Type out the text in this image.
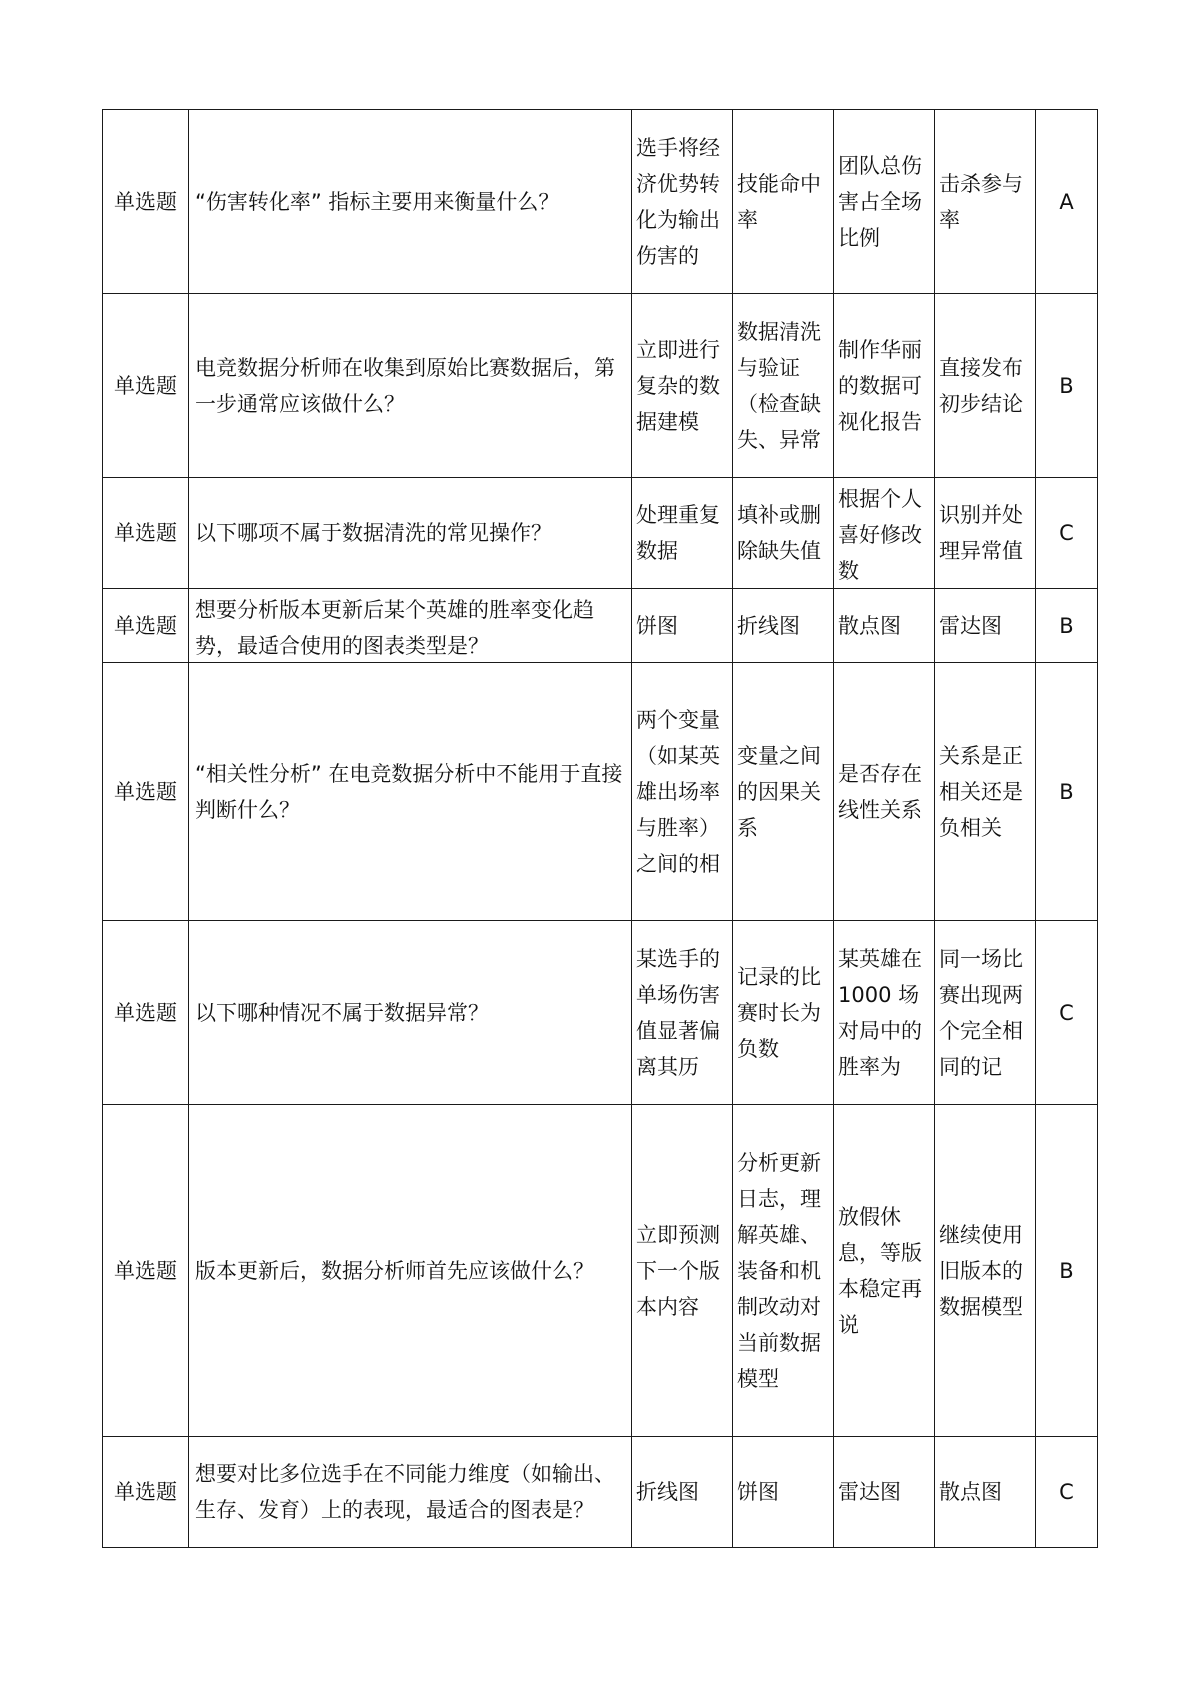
单选题	“伤害转化率” 指标主要用来衡量什么？	选手将经济优势转化为输出伤害的	技能命中率	团队总伤害占全场比例	击杀参与率	A

单选题	电竞数据分析师在收集到原始比赛数据后，第一步通常应该做什么？	立即进行复杂的数据建模	数据清洗与验证（检查缺失、异常	制作华丽的数据可视化报告	直接发布初步结论	B

单选题	以下哪项不属于数据清洗的常见操作？	处理重复数据	填补或删除缺失值	根据个人喜好修改数	识别并处理异常值	C

单选题	想要分析版本更新后某个英雄的胜率变化趋势，最适合使用的图表类型是？	饼图	折线图	散点图	雷达图	B

单选题	“相关性分析” 在电竞数据分析中不能用于直接判断什么？	两个变量（如某英雄出场率与胜率）之间的相	变量之间的因果关系	是否存在线性关系	关系是正相关还是负相关	B

单选题	以下哪种情况不属于数据异常？	某选手的单场伤害值显著偏离其历	记录的比赛时长为负数	某英雄在 1000 场对局中的胜率为	同一场比赛出现两个完全相同的记	C

单选题	版本更新后，数据分析师首先应该做什么？	立即预测下一个版本内容	分析更新日志，理解英雄、装备和机制改动对当前数据模型	放假休息，等版本稳定再说	继续使用旧版本的数据模型	B

单选题	想要对比多位选手在不同能力维度（如输出、生存、发育）上的表现，最适合的图表是？	折线图	饼图	雷达图	散点图	C
